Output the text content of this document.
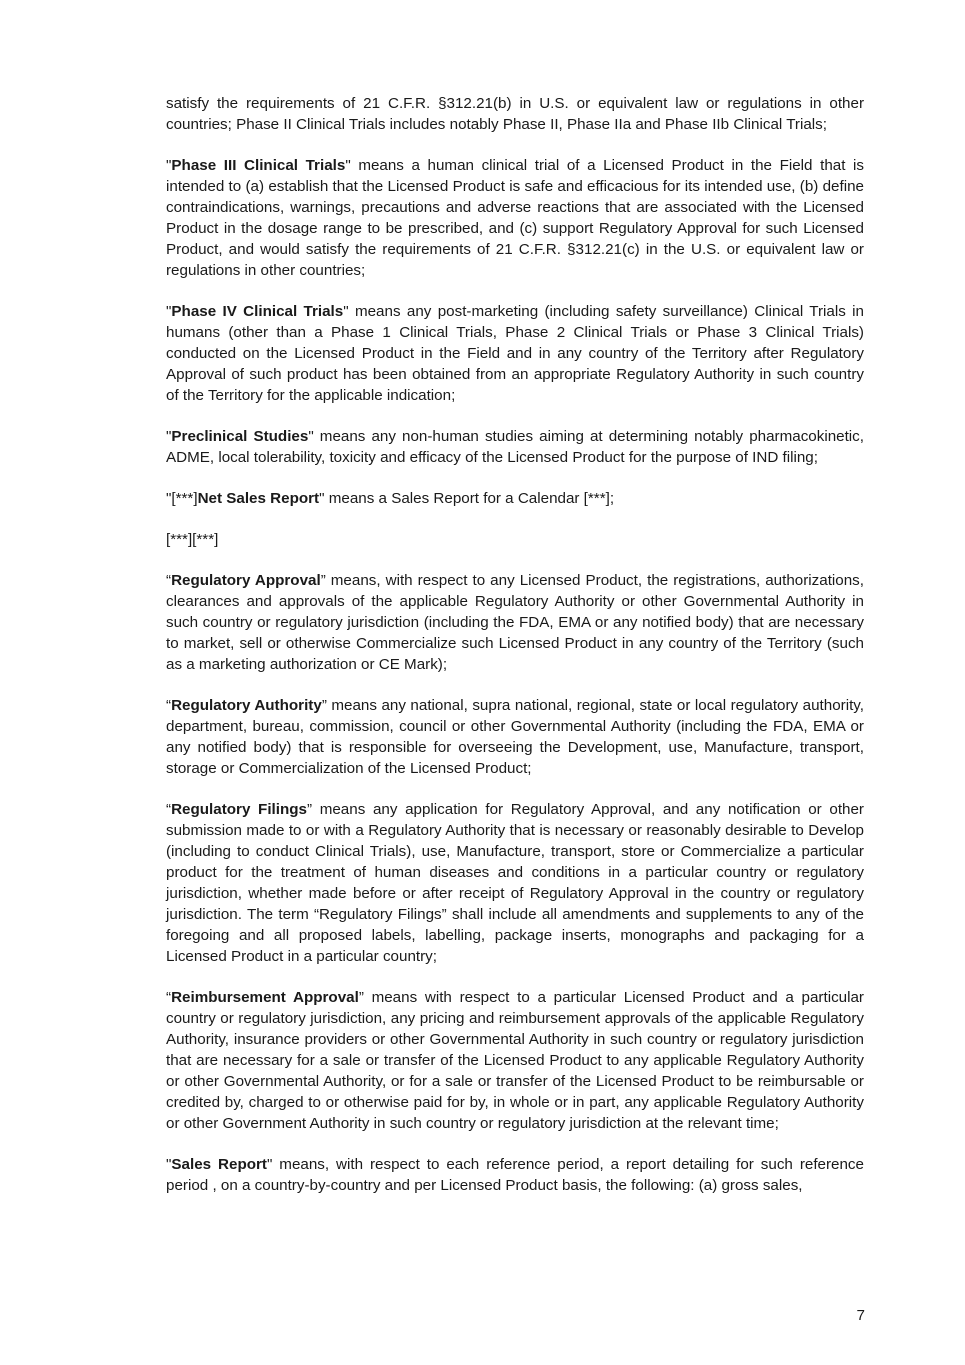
satisfy the requirements of 21 C.F.R. §312.21(b) in U.S. or equivalent law or regulations in other countries; Phase II Clinical Trials includes notably Phase II, Phase IIa and Phase IIb Clinical Trials;

"Phase III Clinical Trials" means a human clinical trial of a Licensed Product in the Field that is intended to (a) establish that the Licensed Product is safe and efficacious for its intended use, (b) define contraindications, warnings, precautions and adverse reactions that are associated with the Licensed Product in the dosage range to be prescribed, and (c) support Regulatory Approval for such Licensed Product, and would satisfy the requirements of 21 C.F.R. §312.21(c) in the U.S. or equivalent law or regulations in other countries;

"Phase IV Clinical Trials" means any post-marketing (including safety surveillance) Clinical Trials in humans (other than a Phase 1 Clinical Trials, Phase 2 Clinical Trials or Phase 3 Clinical Trials) conducted on the Licensed Product in the Field and in any country of the Territory after Regulatory Approval of such product has been obtained from an appropriate Regulatory Authority in such country of the Territory for the applicable indication;

"Preclinical Studies" means any non-human studies aiming at determining notably pharmacokinetic, ADME, local tolerability, toxicity and efficacy of the Licensed Product for the purpose of IND filing;

"[***]Net Sales Report" means a Sales Report for a Calendar [***];

[***][***]

“Regulatory Approval” means, with respect to any Licensed Product, the registrations, authorizations, clearances and approvals of the applicable Regulatory Authority or other Governmental Authority in such country or regulatory jurisdiction (including the FDA, EMA or any notified body) that are necessary to market, sell or otherwise Commercialize such Licensed Product in any country of the Territory (such as a marketing authorization or CE Mark);

“Regulatory Authority” means any national, supra national, regional, state or local regulatory authority, department, bureau, commission, council or other Governmental Authority (including the FDA, EMA or any notified body) that is responsible for overseeing the Development, use, Manufacture, transport, storage or Commercialization of the Licensed Product;

“Regulatory Filings” means any application for Regulatory Approval, and any notification or other submission made to or with a Regulatory Authority that is necessary or reasonably desirable to Develop (including to conduct Clinical Trials), use, Manufacture, transport, store or Commercialize a particular product for the treatment of human diseases and conditions in a particular country or regulatory jurisdiction, whether made before or after receipt of Regulatory Approval in the country or regulatory jurisdiction. The term “Regulatory Filings” shall include all amendments and supplements to any of the foregoing and all proposed labels, labelling, package inserts, monographs and packaging for a Licensed Product in a particular country;

“Reimbursement Approval” means with respect to a particular Licensed Product and a particular country or regulatory jurisdiction, any pricing and reimbursement approvals of the applicable Regulatory Authority, insurance providers or other Governmental Authority in such country or regulatory jurisdiction that are necessary for a sale or transfer of the Licensed Product to any applicable Regulatory Authority or other Governmental Authority, or for a sale or transfer of the Licensed Product to be reimbursable or credited by, charged to or otherwise paid for by, in whole or in part, any applicable Regulatory Authority or other Government Authority in such country or regulatory jurisdiction at the relevant time;

"Sales Report" means, with respect to each reference period, a report detailing for such reference period , on a country-by-country and per Licensed Product basis, the following: (a) gross sales,

7
